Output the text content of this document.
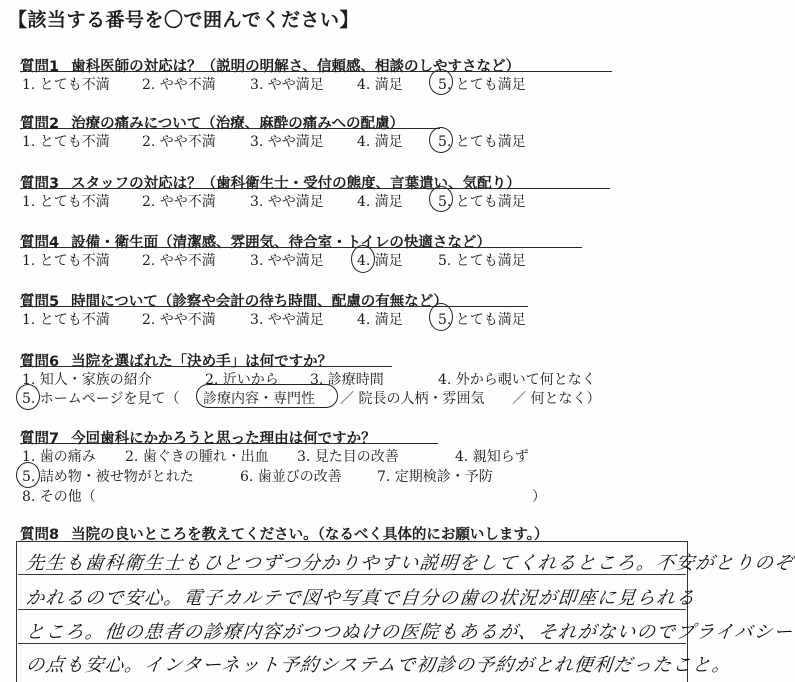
【該当する番号を〇で囲んでください】
質問1 歯科医師の対応は？（説明の明解さ、信頼感、相談のしやすさなど）
1. とても不満 2. やや不満 3. やや満足 4. 満足	5. とても満足
質問2 治療の痛みについて（治療、麻酔の痛みへの配慮）
1. とても不満 2. やや不満 3. やや満足 4. 満足	5. とても満足
質問3 スタッフの対応は？（歯科衛生士・受付の態度、言葉遣い、気配り）
1. とても不満 2. やや不満 3. やや満足 4. 満足	5. とても満足
質問4 設備・衛生面（清潔感、雰囲気、待合室・トイレの快適さなど）
1. とても不満 2. やや不満 3. やや満足 4. 満足	5. とても満足
質問5 時間について（診察や会計の待ち時間、配慮の有無など）
1. とても不満 2. やや不満 3. やや満足 4. 満足	5. とても満足
質問6 当院を選ばれた「決め手」は何ですか？
1. 知人・家族の紹介	2. 近いから 3. 診療時間	4. 外から覗いて何となく
5. ホームページを見て（ 診療内容・専門性 ／ 院長の人柄・雰囲気 ／ 何となく）
質問7 今回歯科にかかろうと思った理由は何ですか？
1. 歯の痛み 2. 歯ぐきの腫れ・出血 3. 見た目の改善	4. 親知らず
5. 詰め物・被せ物がとれた	6. 歯並びの改善	7. 定期検診・予防
8. その他（	）
質問8 当院の良いところを教えてください。（なるべく具体的にお願いします。）
先生も歯科衛生士もひとつずつ分かりやすい説明をしてくれるところ。不安がとりのぞ
かれるので安心。電子カルテで図や写真で自分の歯の状況が即座に見られる
ところ。他の患者の診療内容がつつぬけの医院もあるが、それがないのでプライバシー
の点も安心。インターネット予約システムで初診の予約がとれ便利だったこと。
